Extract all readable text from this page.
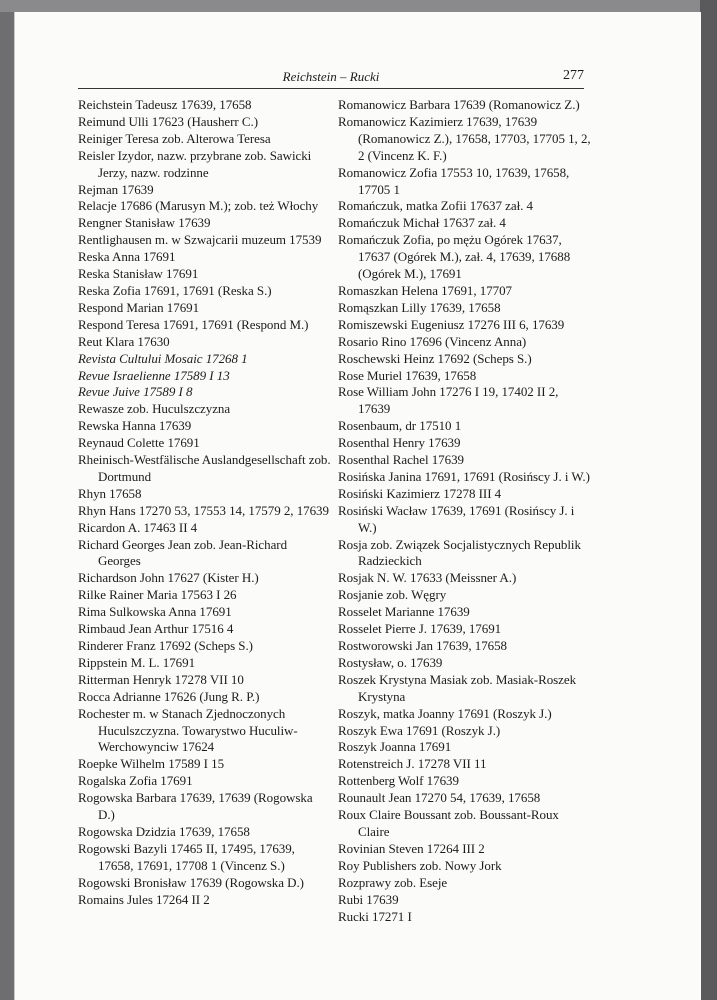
Reichstein – Rucki	277
Reichstein Tadeusz 17639, 17658
Reimund Ulli 17623 (Hausherr C.)
Reiniger Teresa zob. Alterowa Teresa
Reisler Izydor, nazw. przybrane zob. Sawicki Jerzy, nazw. rodzinne
Rejman 17639
Relacje 17686 (Marusyn M.); zob. też Włochy
Rengner Stanisław 17639
Rentlighausen m. w Szwajcarii muzeum 17539
Reska Anna 17691
Reska Stanisław 17691
Reska Zofia 17691, 17691 (Reska S.)
Respond Marian 17691
Respond Teresa 17691, 17691 (Respond M.)
Reut Klara 17630
Revista Cultului Mosaic 17268 1
Revue Israelienne 17589 I 13
Revue Juive 17589 I 8
Rewasze zob. Huculszczyzna
Rewska Hanna 17639
Reynaud Colette 17691
Rheinisch-Westfälische Auslandgesellschaft zob. Dortmund
Rhyn 17658
Rhyn Hans 17270 53, 17553 14, 17579 2, 17639
Ricardon A. 17463 II 4
Richard Georges Jean zob. Jean-Richard Georges
Richardson John 17627 (Kister H.)
Rilke Rainer Maria 17563 I 26
Rima Sulkowska Anna 17691
Rimbaud Jean Arthur 17516 4
Rinderer Franz 17692 (Scheps S.)
Rippstein M. L. 17691
Ritterman Henryk 17278 VII 10
Rocca Adrianne 17626 (Jung R. P.)
Rochester m. w Stanach Zjednoczonych Huculszczyzna. Towarystwo Huculiw-Werchowynciw 17624
Roepke Wilhelm 17589 I 15
Rogalska Zofia 17691
Rogowska Barbara 17639, 17639 (Rogowska D.)
Rogowska Dzidzia 17639, 17658
Rogowski Bazyli 17465 II, 17495, 17639, 17658, 17691, 17708 1 (Vincenz S.)
Rogowski Bronisław 17639 (Rogowska D.)
Romains Jules 17264 II 2
Romanowicz Barbara 17639 (Romanowicz Z.)
Romanowicz Kazimierz 17639, 17639 (Romanowicz Z.), 17658, 17703, 17705 1, 2, 2 (Vincenz K. F.)
Romanowicz Zofia 17553 10, 17639, 17658, 17705 1
Romańczuk, matka Zofii 17637 zał. 4
Romańczuk Michał 17637 zał. 4
Romańczuk Zofia, po mężu Ogórek 17637, 17637 (Ogórek M.), zał. 4, 17639, 17688 (Ogórek M.), 17691
Romaszkan Helena 17691, 17707
Romąszkan Lilly 17639, 17658
Romiszewski Eugeniusz 17276 III 6, 17639
Rosario Rino 17696 (Vincenz Anna)
Roschewski Heinz 17692 (Scheps S.)
Rose Muriel 17639, 17658
Rose William John 17276 I 19, 17402 II 2, 17639
Rosenbaum, dr 17510 1
Rosenthal Henry 17639
Rosenthal Rachel 17639
Rosińska Janina 17691, 17691 (Rosińscy J. i W.)
Rosiński Kazimierz 17278 III 4
Rosiński Wacław 17639, 17691 (Rosińscy J. i W.)
Rosja zob. Związek Socjalistycznych Republik Radzieckich
Rosjak N. W. 17633 (Meissner A.)
Rosjanie zob. Węgry
Rosselet Marianne 17639
Rosselet Pierre J. 17639, 17691
Rostworowski Jan 17639, 17658
Rostysław, o. 17639
Roszek Krystyna Masiak zob. Masiak-Roszek Krystyna
Roszyk, matka Joanny 17691 (Roszyk J.)
Roszyk Ewa 17691 (Roszyk J.)
Roszyk Joanna 17691
Rotenstreich J. 17278 VII 11
Rottenberg Wolf 17639
Rounault Jean 17270 54, 17639, 17658
Roux Claire Boussant zob. Boussant-Roux Claire
Rovinian Steven 17264 III 2
Roy Publishers zob. Nowy Jork
Rozprawy zob. Eseje
Rubi 17639
Rucki 17271 I
